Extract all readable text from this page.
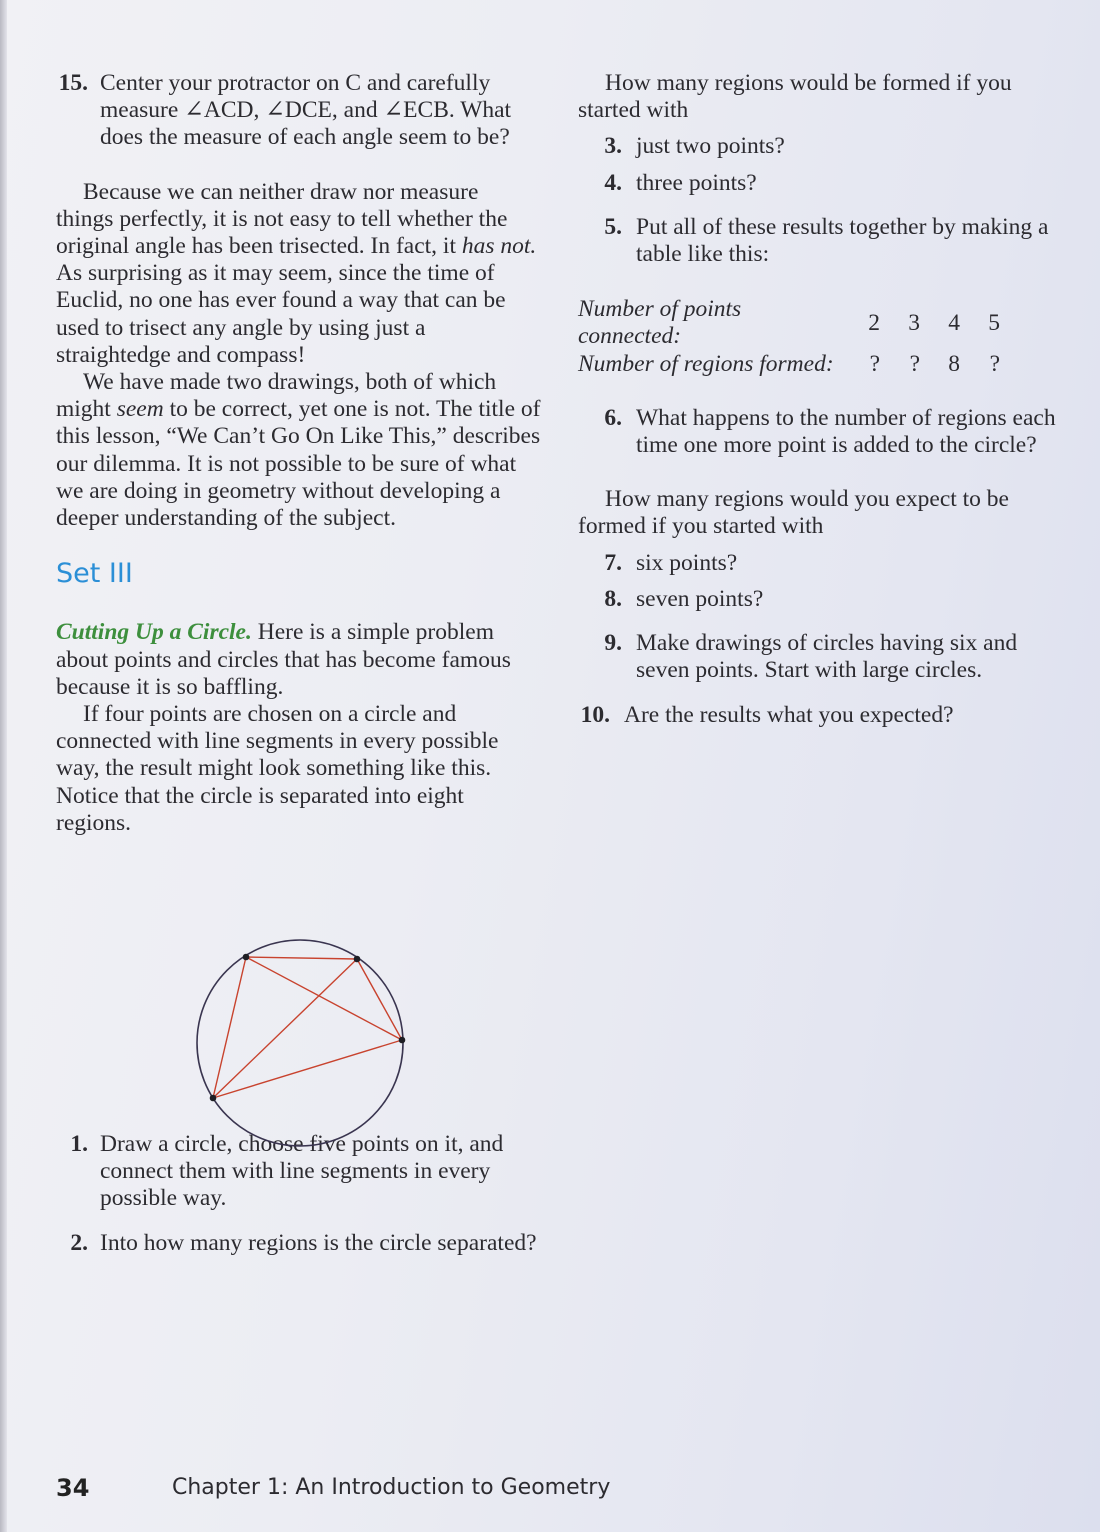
15. Center your protractor on C and carefully measure ∠ACD, ∠DCE, and ∠ECB. What does the measure of each angle seem to be?

Because we can neither draw nor measure things perfectly, it is not easy to tell whether the original angle has been trisected. In fact, it has not. As surprising as it may seem, since the time of Euclid, no one has ever found a way that can be used to trisect any angle by using just a straightedge and compass!

We have made two drawings, both of which might seem to be correct, yet one is not. The title of this lesson, “We Can’t Go On Like This,” describes our dilemma. It is not possible to be sure of what we are doing in geometry without developing a deeper understanding of the subject.

Set III

Cutting Up a Circle. Here is a simple problem about points and circles that has become famous because it is so baffling.

If four points are chosen on a circle and connected with line segments in every possible way, the result might look something like this. Notice that the circle is separated into eight regions.

1. Draw a circle, choose five points on it, and connect them with line segments in every possible way.
2. Into how many regions is the circle separated?

How many regions would be formed if you started with

3. just two points?
4. three points?
5. Put all of these results together by making a table like this:
Number of points connected:	2	3	4	5
Number of regions formed:	?	?	8	?
6. What happens to the number of regions each time one more point is added to the circle?

How many regions would you expect to be formed if you started with

7. six points?
8. seven points?
9. Make drawings of circles having six and seven points. Start with large circles.
10. Are the results what you expected?
34	Chapter 1: An Introduction to Geometry
